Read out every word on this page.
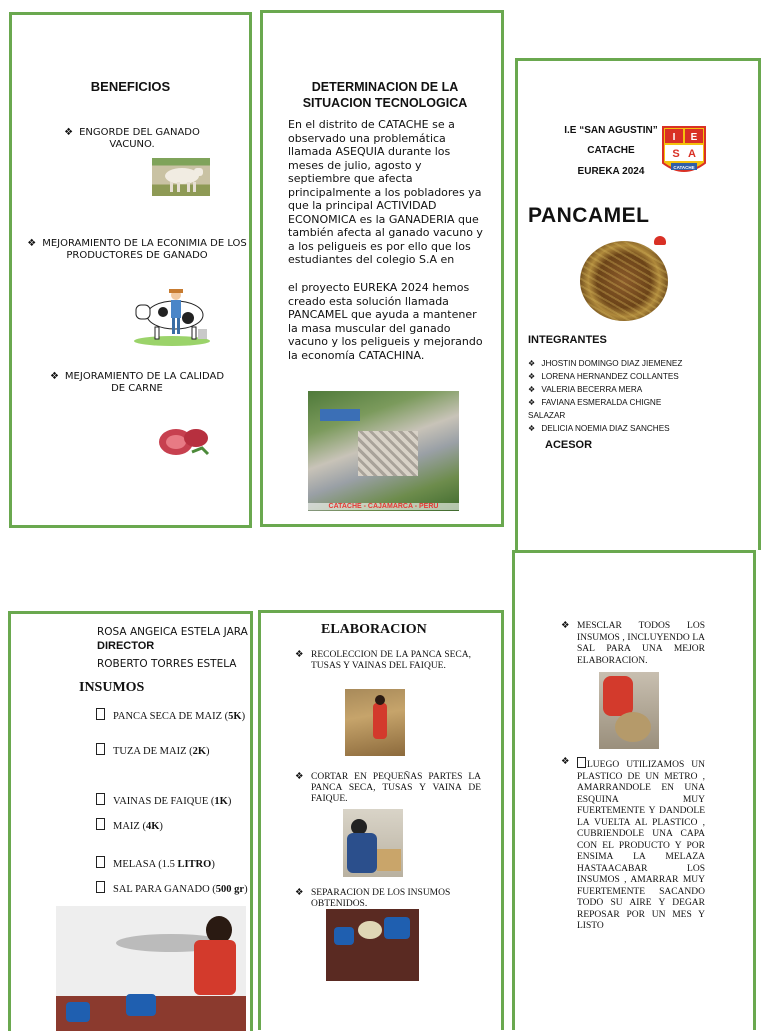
BENEFICIOS
❖ ENGORDE DEL GANADO VACUNO.
❖ MEJORAMIENTO DE LA ECONIMIA DE LOS PRODUCTORES DE GANADO
❖ MEJORAMIENTO DE LA CALIDAD DE CARNE
DETERMINACION DE LA SITUACION TECNOLOGICA
En el distrito de CATACHE se a observado una problemática llamada ASEQUIA durante los meses de julio, agosto y septiembre que afecta principalmente a los pobladores ya que la principal ACTIVIDAD ECONOMICA es la GANADERIA que también afecta al ganado vacuno y a los peligueis es por ello que los estudiantes del colegio S.A en
el proyecto EUREKA 2024 hemos creado esta solución llamada PANCAMEL que ayuda a mantener la masa muscular del ganado vacuno y los peligueis y mejorando la economía CATACHINA.
CATACHE - CAJAMARCA - PERU
I.E “SAN AGUSTIN”
CATACHE
EUREKA 2024
I E
S A
CATACHE
PANCAMEL
INTEGRANTES
❖ JHOSTIN DOMINGO DIAZ JIEMENEZ
❖ LORENA HERNANDEZ COLLANTES
❖ VALERIA BECERRA MERA
❖ FAVIANA ESMERALDA CHIGNE SALAZAR
❖ DELICIA NOEMIA DIAZ SANCHES
ACESOR
ROSA ANGEICA ESTELA JARA
DIRECTOR
ROBERTO TORRES ESTELA
INSUMOS
PANCA SECA DE MAIZ (5K)
TUZA DE MAIZ (2K)
VAINAS DE FAIQUE (1K)
MAIZ (4K)
MELASA (1.5 LITRO)
SAL PARA GANADO (500 gr)
ELABORACION
❖ RECOLECCION DE LA PANCA SECA, TUSAS Y VAINAS DEL FAIQUE.
❖ CORTAR EN PEQUEÑAS PARTES LA PANCA SECA, TUSAS Y VAINA DE FAIQUE.
❖ SEPARACION DE LOS INSUMOS OBTENIDOS.
❖ MESCLAR TODOS LOS INSUMOS , INCLUYENDO LA SAL PARA UNA MEJOR ELABORACION.
❖ LUEGO UTILIZAMOS UN PLASTICO DE UN METRO , AMARRANDOLE EN UNA ESQUINA MUY FUERTEMENTE Y DANDOLE LA VUELTA AL PLASTICO , CUBRIENDOLE UNA CAPA CON EL PRODUCTO Y POR ENSIMA LA MELAZA HASTAACABAR LOS INSUMOS , AMARRAR MUY FUERTEMENTE SACANDO TODO SU AIRE Y DEGAR REPOSAR POR UN MES Y LISTO
